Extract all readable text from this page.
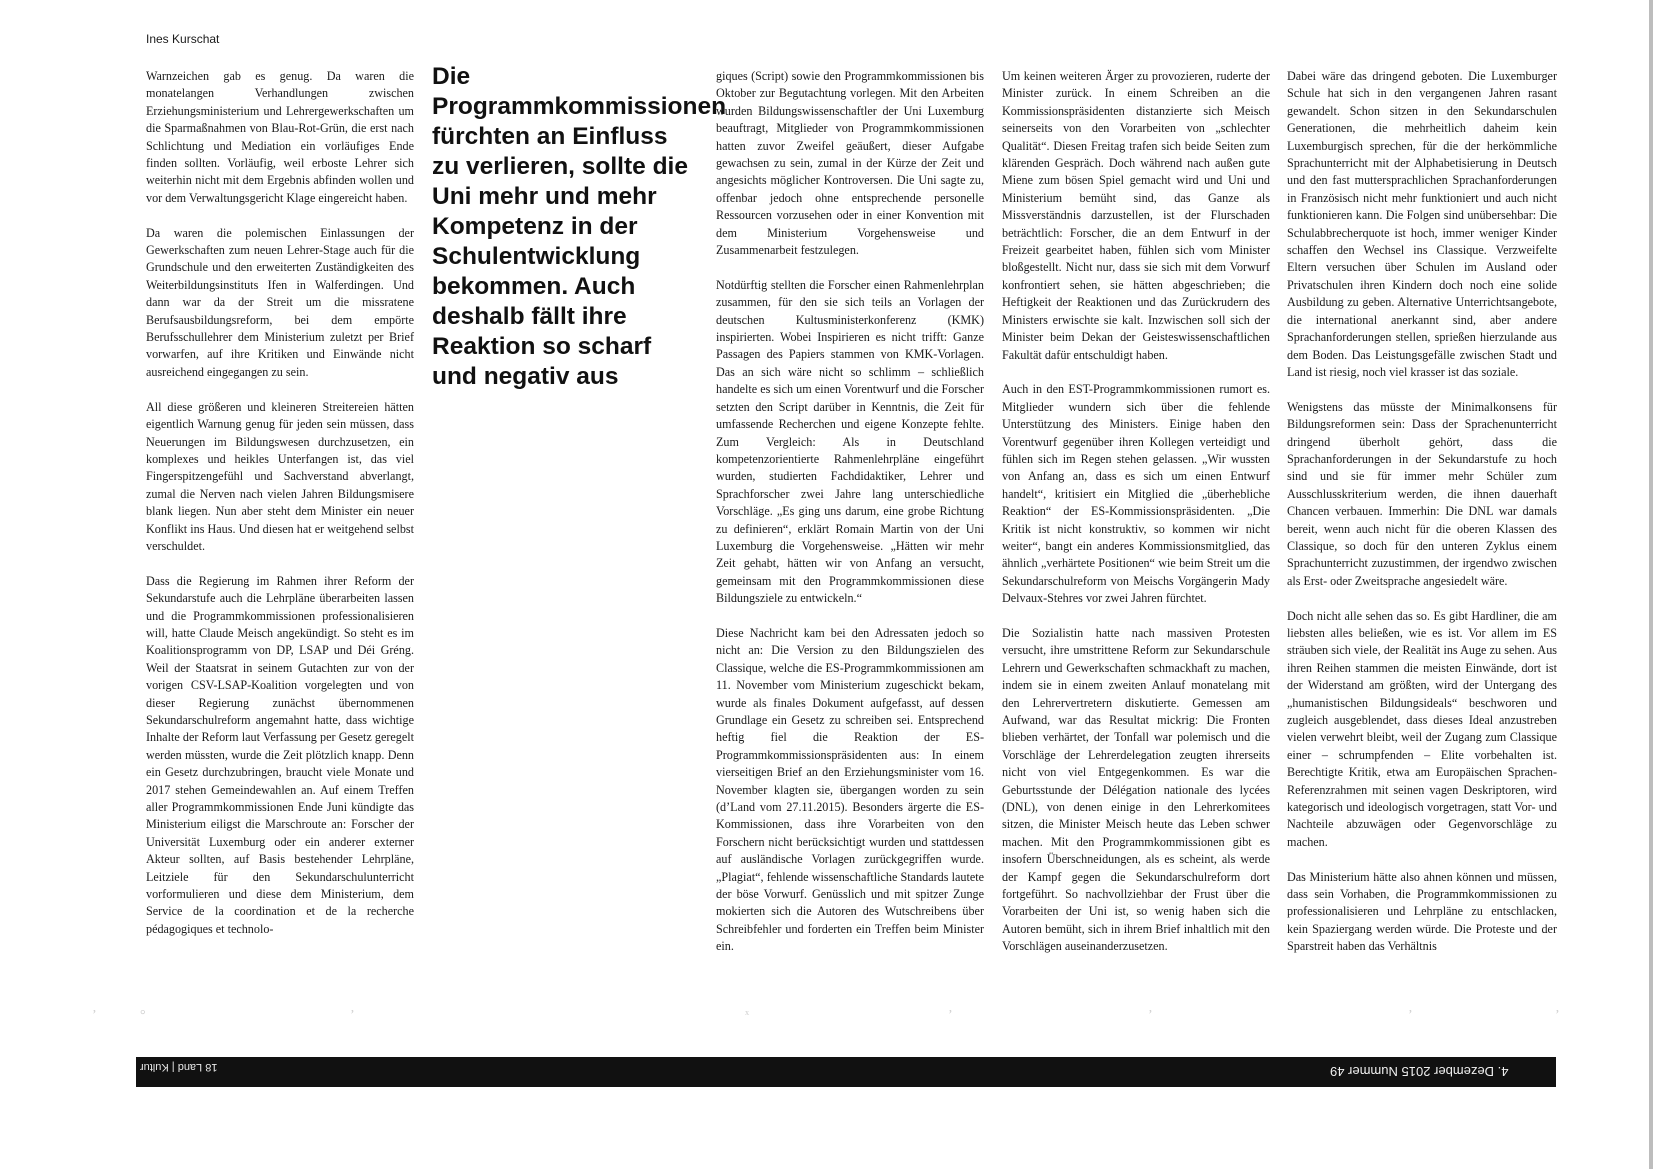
Ines Kurschat

Warnzeichen gab es genug. Da waren die monatelangen Verhandlungen zwischen Erziehungsministerium und Lehrergewerkschaften um die Sparmaßnahmen von Blau-Rot-Grün, die erst nach Schlichtung und Mediation ein vorläufiges Ende finden sollten. Vorläufig, weil erboste Lehrer sich weiterhin nicht mit dem Ergebnis abfinden wollen und vor dem Verwaltungsgericht Klage eingereicht haben.

Da waren die polemischen Einlassungen der Gewerkschaften zum neuen Lehrer-Stage auch für die Grundschule und den erweiterten Zuständigkeiten des Weiterbildungsinstituts Ifen in Walferdingen. Und dann war da der Streit um die missratene Berufsausbildungsreform, bei dem empörte Berufsschullehrer dem Ministerium zuletzt per Brief vorwarfen, auf ihre Kritiken und Einwände nicht ausreichend eingegangen zu sein.

All diese größeren und kleineren Streitereien hätten eigentlich Warnung genug für jeden sein müssen, dass Neuerungen im Bildungswesen durchzusetzen, ein komplexes und heikles Unterfangen ist, das viel Fingerspitzengefühl und Sachverstand abverlangt, zumal die Nerven nach vielen Jahren Bildungsmisere blank liegen. Nun aber steht dem Minister ein neuer Konflikt ins Haus. Und diesen hat er weitgehend selbst verschuldet.

Dass die Regierung im Rahmen ihrer Reform der Sekundarstufe auch die Lehrpläne überarbeiten lassen und die Programmkommissionen professionalisieren will, hatte Claude Meisch angekündigt. So steht es im Koalitionsprogramm von DP, LSAP und Déi Gréng. Weil der Staatsrat in seinem Gutachten zur von der vorigen CSV-LSAP-Koalition vorgelegten und von dieser Regierung zunächst übernommenen Sekundarschulreform angemahnt hatte, dass wichtige Inhalte der Reform laut Verfassung per Gesetz geregelt werden müssten, wurde die Zeit plötzlich knapp. Denn ein Gesetz durchzubringen, braucht viele Monate und 2017 stehen Gemeindewahlen an. Auf einem Treffen aller Programmkommissionen Ende Juni kündigte das Ministerium eiligst die Marschroute an: Forscher der Universität Luxemburg oder ein anderer externer Akteur sollten, auf Basis bestehender Lehrpläne, Leitziele für den Sekundarschulunterricht vorformulieren und diese dem Ministerium, dem Service de la coordination et de la recherche pédagogiques et technolo-

Die Programmkommissionen fürchten an Einfluss zu verlieren, sollte die Uni mehr und mehr Kompetenz in der Schulentwicklung bekommen. Auch deshalb fällt ihre Reaktion so scharf und negativ aus

giques (Script) sowie den Programmkommissionen bis Oktober zur Begutachtung vorlegen. Mit den Arbeiten wurden Bildungswissenschaftler der Uni Luxemburg beauftragt, Mitglieder von Programmkommissionen hatten zuvor Zweifel geäußert, dieser Aufgabe gewachsen zu sein, zumal in der Kürze der Zeit und angesichts möglicher Kontroversen. Die Uni sagte zu, offenbar jedoch ohne entsprechende personelle Ressourcen vorzusehen oder in einer Konvention mit dem Ministerium Vorgehensweise und Zusammenarbeit festzulegen.

Notdürftig stellten die Forscher einen Rahmenlehrplan zusammen, für den sie sich teils an Vorlagen der deutschen Kultusministerkonferenz (KMK) inspirierten. Wobei Inspirieren es nicht trifft: Ganze Passagen des Papiers stammen von KMK-Vorlagen. Das an sich wäre nicht so schlimm – schließlich handelte es sich um einen Vorentwurf und die Forscher setzten den Script darüber in Kenntnis, die Zeit für umfassende Recherchen und eigene Konzepte fehlte. Zum Vergleich: Als in Deutschland kompetenzorientierte Rahmenlehrpläne eingeführt wurden, studierten Fachdidaktiker, Lehrer und Sprachforscher zwei Jahre lang unterschiedliche Vorschläge. „Es ging uns darum, eine grobe Richtung zu definieren“, erklärt Romain Martin von der Uni Luxemburg die Vorgehensweise. „Hätten wir mehr Zeit gehabt, hätten wir von Anfang an versucht, gemeinsam mit den Programmkommissionen diese Bildungsziele zu entwickeln.“

Diese Nachricht kam bei den Adressaten jedoch so nicht an: Die Version zu den Bildungszielen des Classique, welche die ES-Programmkommissionen am 11. November vom Ministerium zugeschickt bekam, wurde als finales Dokument aufgefasst, auf dessen Grundlage ein Gesetz zu schreiben sei. Entsprechend heftig fiel die Reaktion der ES-Programmkommissionspräsidenten aus: In einem vierseitigen Brief an den Erziehungsminister vom 16. November klagten sie, übergangen worden zu sein (d’Land vom 27.11.2015). Besonders ärgerte die ES-Kommissionen, dass ihre Vorarbeiten von den Forschern nicht berücksichtigt wurden und stattdessen auf ausländische Vorlagen zurückgegriffen wurde. „Plagiat“, fehlende wissenschaftliche Standards lautete der böse Vorwurf. Genüsslich und mit spitzer Zunge mokierten sich die Autoren des Wutschreibens über Schreibfehler und forderten ein Treffen beim Minister ein.

Um keinen weiteren Ärger zu provozieren, ruderte der Minister zurück. In einem Schreiben an die Kommissionspräsidenten distanzierte sich Meisch seinerseits von den Vorarbeiten von „schlechter Qualität“. Diesen Freitag trafen sich beide Seiten zum klärenden Gespräch. Doch während nach außen gute Miene zum bösen Spiel gemacht wird und Uni und Ministerium bemüht sind, das Ganze als Missverständnis darzustellen, ist der Flurschaden beträchtlich: Forscher, die an dem Entwurf in der Freizeit gearbeitet haben, fühlen sich vom Minister bloßgestellt. Nicht nur, dass sie sich mit dem Vorwurf konfrontiert sehen, sie hätten abgeschrieben; die Heftigkeit der Reaktionen und das Zurückrudern des Ministers erwischte sie kalt. Inzwischen soll sich der Minister beim Dekan der Geisteswissenschaftlichen Fakultät dafür entschuldigt haben.

Auch in den EST-Programmkommissionen rumort es. Mitglieder wundern sich über die fehlende Unterstützung des Ministers. Einige haben den Vorentwurf gegenüber ihren Kollegen verteidigt und fühlen sich im Regen stehen gelassen. „Wir wussten von Anfang an, dass es sich um einen Entwurf handelt“, kritisiert ein Mitglied die „überhebliche Reaktion“ der ES-Kommissionspräsidenten. „Die Kritik ist nicht konstruktiv, so kommen wir nicht weiter“, bangt ein anderes Kommissionsmitglied, das ähnlich „verhärtete Positionen“ wie beim Streit um die Sekundarschulreform von Meischs Vorgängerin Mady Delvaux-Stehres vor zwei Jahren fürchtet.

Die Sozialistin hatte nach massiven Protesten versucht, ihre umstrittene Reform zur Sekundarschule Lehrern und Gewerkschaften schmackhaft zu machen, indem sie in einem zweiten Anlauf monatelang mit den Lehrervertretern diskutierte. Gemessen am Aufwand, war das Resultat mickrig: Die Fronten blieben verhärtet, der Tonfall war polemisch und die Vorschläge der Lehrerdelegation zeugten ihrerseits nicht von viel Entgegenkommen. Es war die Geburtsstunde der Délégation nationale des lycées (DNL), von denen einige in den Lehrerkomitees sitzen, die Minister Meisch heute das Leben schwer machen. Mit den Programmkommissionen gibt es insofern Überschneidungen, als es scheint, als werde der Kampf gegen die Sekundarschulreform dort fortgeführt. So nachvollziehbar der Frust über die Vorarbeiten der Uni ist, so wenig haben sich die Autoren bemüht, sich in ihrem Brief inhaltlich mit den Vorschlägen auseinanderzusetzen.

Dabei wäre das dringend geboten. Die Luxemburger Schule hat sich in den vergangenen Jahren rasant gewandelt. Schon sitzen in den Sekundarschulen Generationen, die mehrheitlich daheim kein Luxemburgisch sprechen, für die der herkömmliche Sprachunterricht mit der Alphabetisierung in Deutsch und den fast muttersprachlichen Sprachanforderungen in Französisch nicht mehr funktioniert und auch nicht funktionieren kann. Die Folgen sind unübersehbar: Die Schulabbrecherquote ist hoch, immer weniger Kinder schaffen den Wechsel ins Classique. Verzweifelte Eltern versuchen über Schulen im Ausland oder Privatschulen ihren Kindern doch noch eine solide Ausbildung zu geben. Alternative Unterrichtsangebote, die international anerkannt sind, aber andere Sprachanforderungen stellen, sprießen hierzulande aus dem Boden. Das Leistungsgefälle zwischen Stadt und Land ist riesig, noch viel krasser ist das soziale.

Wenigstens das müsste der Minimalkonsens für Bildungsreformen sein: Dass der Sprachenunterricht dringend überholt gehört, dass die Sprachanforderungen in der Sekundarstufe zu hoch sind und sie für immer mehr Schüler zum Ausschlusskriterium werden, die ihnen dauerhaft Chancen verbauen. Immerhin: Die DNL war damals bereit, wenn auch nicht für die oberen Klassen des Classique, so doch für den unteren Zyklus einem Sprachunterricht zuzustimmen, der irgendwo zwischen als Erst- oder Zweitsprache angesiedelt wäre.

Doch nicht alle sehen das so. Es gibt Hardliner, die am liebsten alles beließen, wie es ist. Vor allem im ES sträuben sich viele, der Realität ins Auge zu sehen. Aus ihren Reihen stammen die meisten Einwände, dort ist der Widerstand am größten, wird der Untergang des „humanistischen Bildungsideals“ beschworen und zugleich ausgeblendet, dass dieses Ideal anzustreben vielen verwehrt bleibt, weil der Zugang zum Classique einer – schrumpfenden – Elite vorbehalten ist. Berechtigte Kritik, etwa am Europäischen Sprachen-Referenzrahmen mit seinen vagen Deskriptoren, wird kategorisch und ideologisch vorgetragen, statt Vor- und Nachteile abzuwägen oder Gegenvorschläge zu machen.

Das Ministerium hätte also ahnen können und müssen, dass sein Vorhaben, die Programmkommissionen zu professionalisieren und Lehrpläne zu entschlacken, kein Spaziergang werden würde. Die Proteste und der Sparstreit haben das Verhältnis

ʼ	°	ʼ	ˣ	ʼ	ʼ	ʼ	ʼ
18 Land | Kultur	4. Dezember 2015 Nummer 49
